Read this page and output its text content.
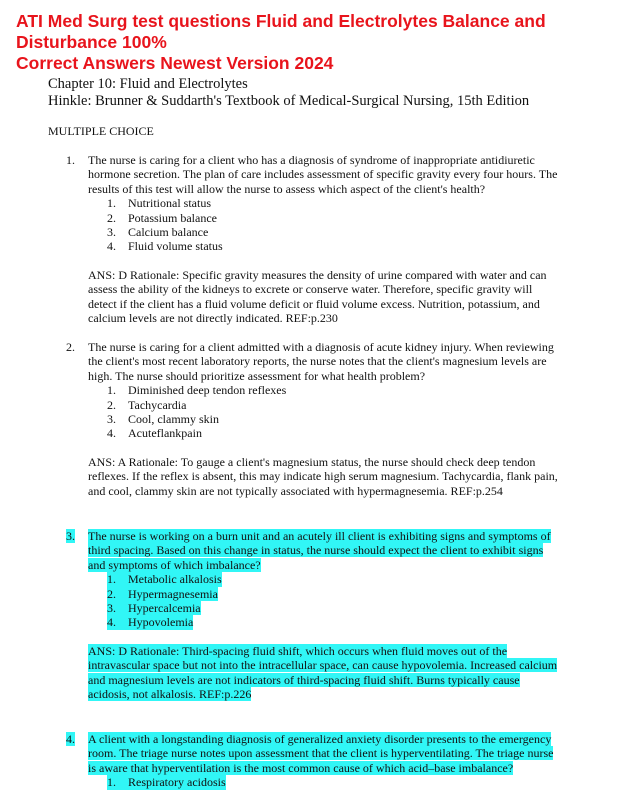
ATI Med Surg test questions Fluid and Electrolytes Balance and Disturbance 100%
Correct Answers Newest Version 2024
Chapter 10: Fluid and Electrolytes
Hinkle: Brunner & Suddarth's Textbook of Medical-Surgical Nursing, 15th Edition
MULTIPLE CHOICE
1.	The nurse is caring for a client who has a diagnosis of syndrome of inappropriate antidiuretic
hormone secretion. The plan of care includes assessment of specific gravity every four hours. The
results of this test will allow the nurse to assess which aspect of the client's health?
1.	Nutritional status
2.	Potassium balance
3.	Calcium balance
4.	Fluid volume status
ANS: D Rationale: Specific gravity measures the density of urine compared with water and can
assess the ability of the kidneys to excrete or conserve water. Therefore, specific gravity will
detect if the client has a fluid volume deficit or fluid volume excess. Nutrition, potassium, and
calcium levels are not directly indicated. REF:p.230
2.	The nurse is caring for a client admitted with a diagnosis of acute kidney injury. When reviewing
the client's most recent laboratory reports, the nurse notes that the client's magnesium levels are
high. The nurse should prioritize assessment for what health problem?
1.	Diminished deep tendon reflexes
2.	Tachycardia
3.	Cool, clammy skin
4.	Acuteflankpain
ANS: A Rationale: To gauge a client's magnesium status, the nurse should check deep tendon
reflexes. If the reflex is absent, this may indicate high serum magnesium. Tachycardia, flank pain,
and cool, clammy skin are not typically associated with hypermagnesemia. REF:p.254
3.	The nurse is working on a burn unit and an acutely ill client is exhibiting signs and symptoms of
third spacing. Based on this change in status, the nurse should expect the client to exhibit signs
and symptoms of which imbalance?
1.	Metabolic alkalosis
2.	Hypermagnesemia
3.	Hypercalcemia
4.	Hypovolemia
ANS: D Rationale: Third-spacing fluid shift, which occurs when fluid moves out of the
intravascular space but not into the intracellular space, can cause hypovolemia. Increased calcium
and magnesium levels are not indicators of third-spacing fluid shift. Burns typically cause
acidosis, not alkalosis. REF:p.226
4.	A client with a longstanding diagnosis of generalized anxiety disorder presents to the emergency
room. The triage nurse notes upon assessment that the client is hyperventilating. The triage nurse
is aware that hyperventilation is the most common cause of which acid–base imbalance?
1.	Respiratory acidosis
